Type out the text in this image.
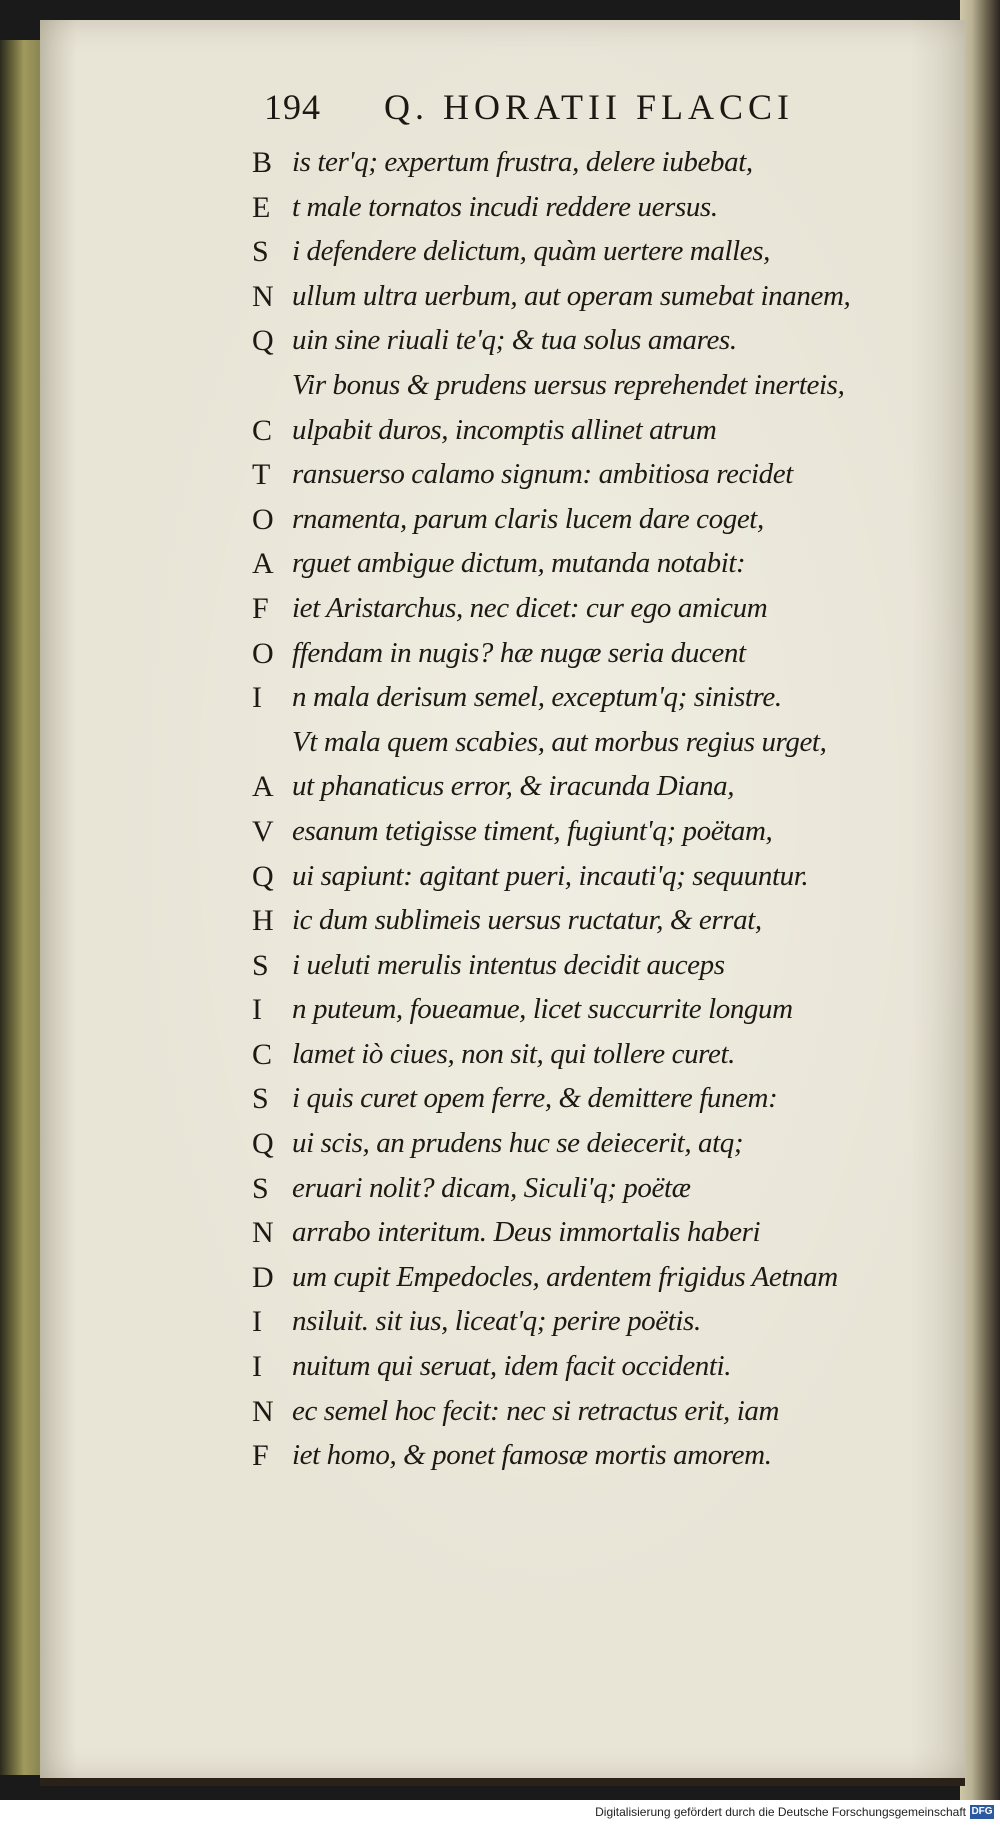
194 Q. HORATII FLACCI
B is ter'q; expertum frustra, delere iubebat,
E t male tornatos incudi reddere uersus.
S i defendere delictum, quàm uertere malles,
N ullum ultra uerbum, aut operam sumebat inanem,
Q uin sine riuali te'q; & tua solus amares.
Vir bonus & prudens uersus reprehendet inerteis,
C ulpabit duros, incomptis allinet atrum
T ransuerso calamo signum: ambitiosa recidet
O rnamenta, parum claris lucem dare coget,
A rguet ambigue dictum, mutanda notabit:
F iet Aristarchus, nec dicet: cur ego amicum
O ffendam in nugis? hæ nugæ seria ducent
I	n mala derisum semel, exceptum'q; sinistre.
Vt mala quem scabies, aut morbus regius urget,
A ut phanaticus error, & iracunda Diana,
V esanum tetigisse timent, fugiunt'q; poëtam,
Q ui sapiunt: agitant pueri, incauti'q; sequuntur.
H ic dum sublimeis uersus ructatur, & errat,
S i ueluti merulis intentus decidit auceps
I	n puteum, foueamue, licet succurrite longum
C lamet iò ciues, non sit, qui tollere curet.
S i quis curet opem ferre, & demittere funem:
Q ui scis, an prudens huc se deiecerit, atq;
S eruari nolit? dicam, Siculi'q; poëtæ
N arrabo interitum. Deus immortalis haberi
D um cupit Empedocles, ardentem frigidus Aetnam
I	nsiluit. sit ius, liceat'q; perire poëtis.
I	nuitum qui seruat, idem facit occidenti.
N ec semel hoc fecit: nec si retractus erit, iam
F iet homo, & ponet famosæ mortis amorem.
Digitalisierung gefördert durch die Deutsche Forschungsgemeinschaft DFG
